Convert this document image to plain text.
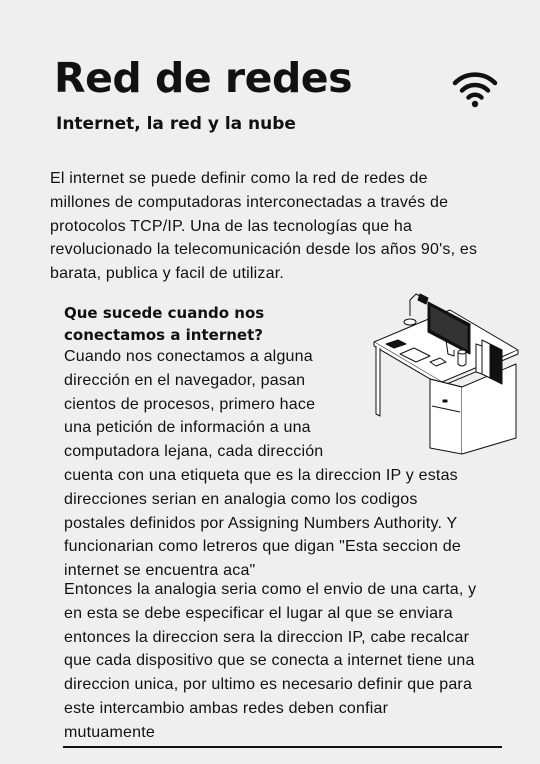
Red de redes
Internet, la red y la nube

El internet se puede definir como la red de redes de
millones de computadoras interconectadas a través de
protocolos TCP/IP. Una de las tecnologías que ha
revolucionado la telecomunicación desde los años 90's, es
barata, publica y facil de utilizar.

Que sucede cuando nos
conectamos a internet?

Cuando nos conectamos a alguna
dirección en el navegador, pasan
cientos de procesos, primero hace
una petición de información a una
computadora lejana, cada dirección
cuenta con una etiqueta que es la direccion IP y estas
direcciones serian en analogia como los codigos
postales definidos por Assigning Numbers Authority. Y
funcionarian como letreros que digan "Esta seccion de
internet se encuentra aca"

Entonces la analogia seria como el envio de una carta, y
en esta se debe especificar el lugar al que se enviara
entonces la direccion sera la direccion IP, cabe recalcar
que cada dispositivo que se conecta a internet tiene una
direccion unica, por ultimo es necesario definir que para
este intercambio ambas redes deben confiar
mutuamente
